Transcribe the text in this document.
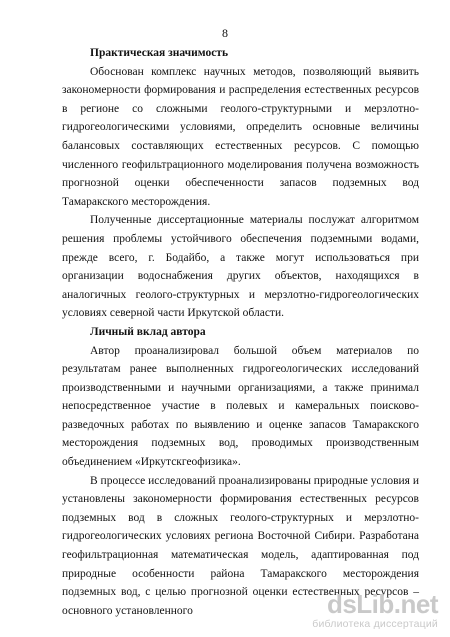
8

Практическая значимость

Обоснован комплекс научных методов, позволяющий выявить закономерности формирования и распределения естественных ресурсов в регионе со сложными геолого-структурными и мерзлотно-гидрогеологическими условиями, определить основные величины балансовых составляющих естественных ресурсов. С помощью численного геофильтрационного моделирования получена возможность прогнозной оценки обеспеченности запасов подземных вод Тамаракского месторождения.

Полученные диссертационные материалы послужат алгоритмом решения проблемы устойчивого обеспечения подземными водами, прежде всего, г. Бодайбо, а также могут использоваться при организации водоснабжения других объектов, находящихся в аналогичных геолого-структурных и мерзлотно-гидрогеологических условиях северной части Иркутской области.

Личный вклад автора

Автор проанализировал большой объем материалов по результатам ранее выполненных гидрогеологических исследований производственными и научными организациями, а также принимал непосредственное участие в полевых и камеральных поисково-разведочных работах по выявлению и оценке запасов Тамаракского месторождения подземных вод, проводимых производственным объединением «Иркутскгеофизика».

В процессе исследований проанализированы природные условия и установлены закономерности формирования естественных ресурсов подземных вод в сложных геолого-структурных и мерзлотно-гидрогеологических условиях региона Восточной Сибири. Разработана геофильтрационная математическая модель, адаптированная под природные особенности района Тамаракского месторождения подземных вод, с целью прогнозной оценки естественных ресурсов – основного установленного	dsLib.net
библиотека диссертаций
